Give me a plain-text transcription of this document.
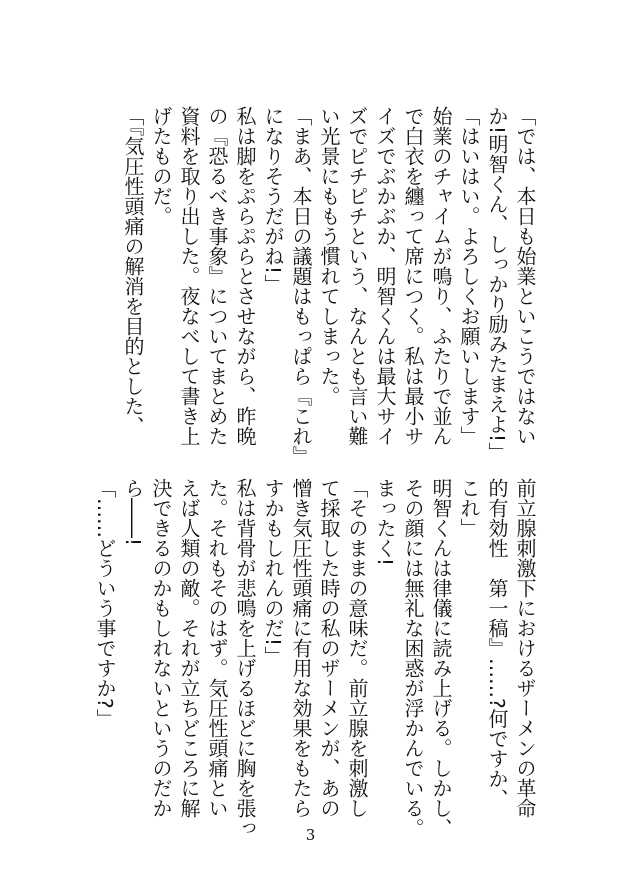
「では、本日も始業といこうではない
か!明智くん、しっかり励みたまえよ!」
「はいはい。よろしくお願いします」
始業のチャイムが鳴り、ふたりで並ん
で白衣を纏って席につく。私は最小サ
イズでぶかぶか、明智くんは最大サイ
ズでピチピチという、なんとも言い難
い光景にももう慣れてしまった。
「まあ、本日の議題はもっぱら『これ』
になりそうだがね!」
私は脚をぷらぷらとさせながら、昨晩
の『恐るべき事象』についてまとめた
資料を取り出した。夜なべして書き上
げたものだ。
「『気圧性頭痛の解消を目的とした、
前立腺刺激下におけるザーメンの革命
的有効性　第一稿』……?何ですか、
これ」
明智くんは律儀に読み上げる。しかし、
その顔には無礼な困惑が浮かんでいる。
まったく!
「そのままの意味だ。前立腺を刺激し
て採取した時の私のザーメンが、あの
憎き気圧性頭痛に有用な効果をもたら
すかもしれんのだ!」
私は背骨が悲鳴を上げるほどに胸を張っ
た。それもそのはず。気圧性頭痛とい
えば人類の敵。それが立ちどころに解
決できるのかもしれないというのだか
ら――!
「……どういう事ですか?」
3
